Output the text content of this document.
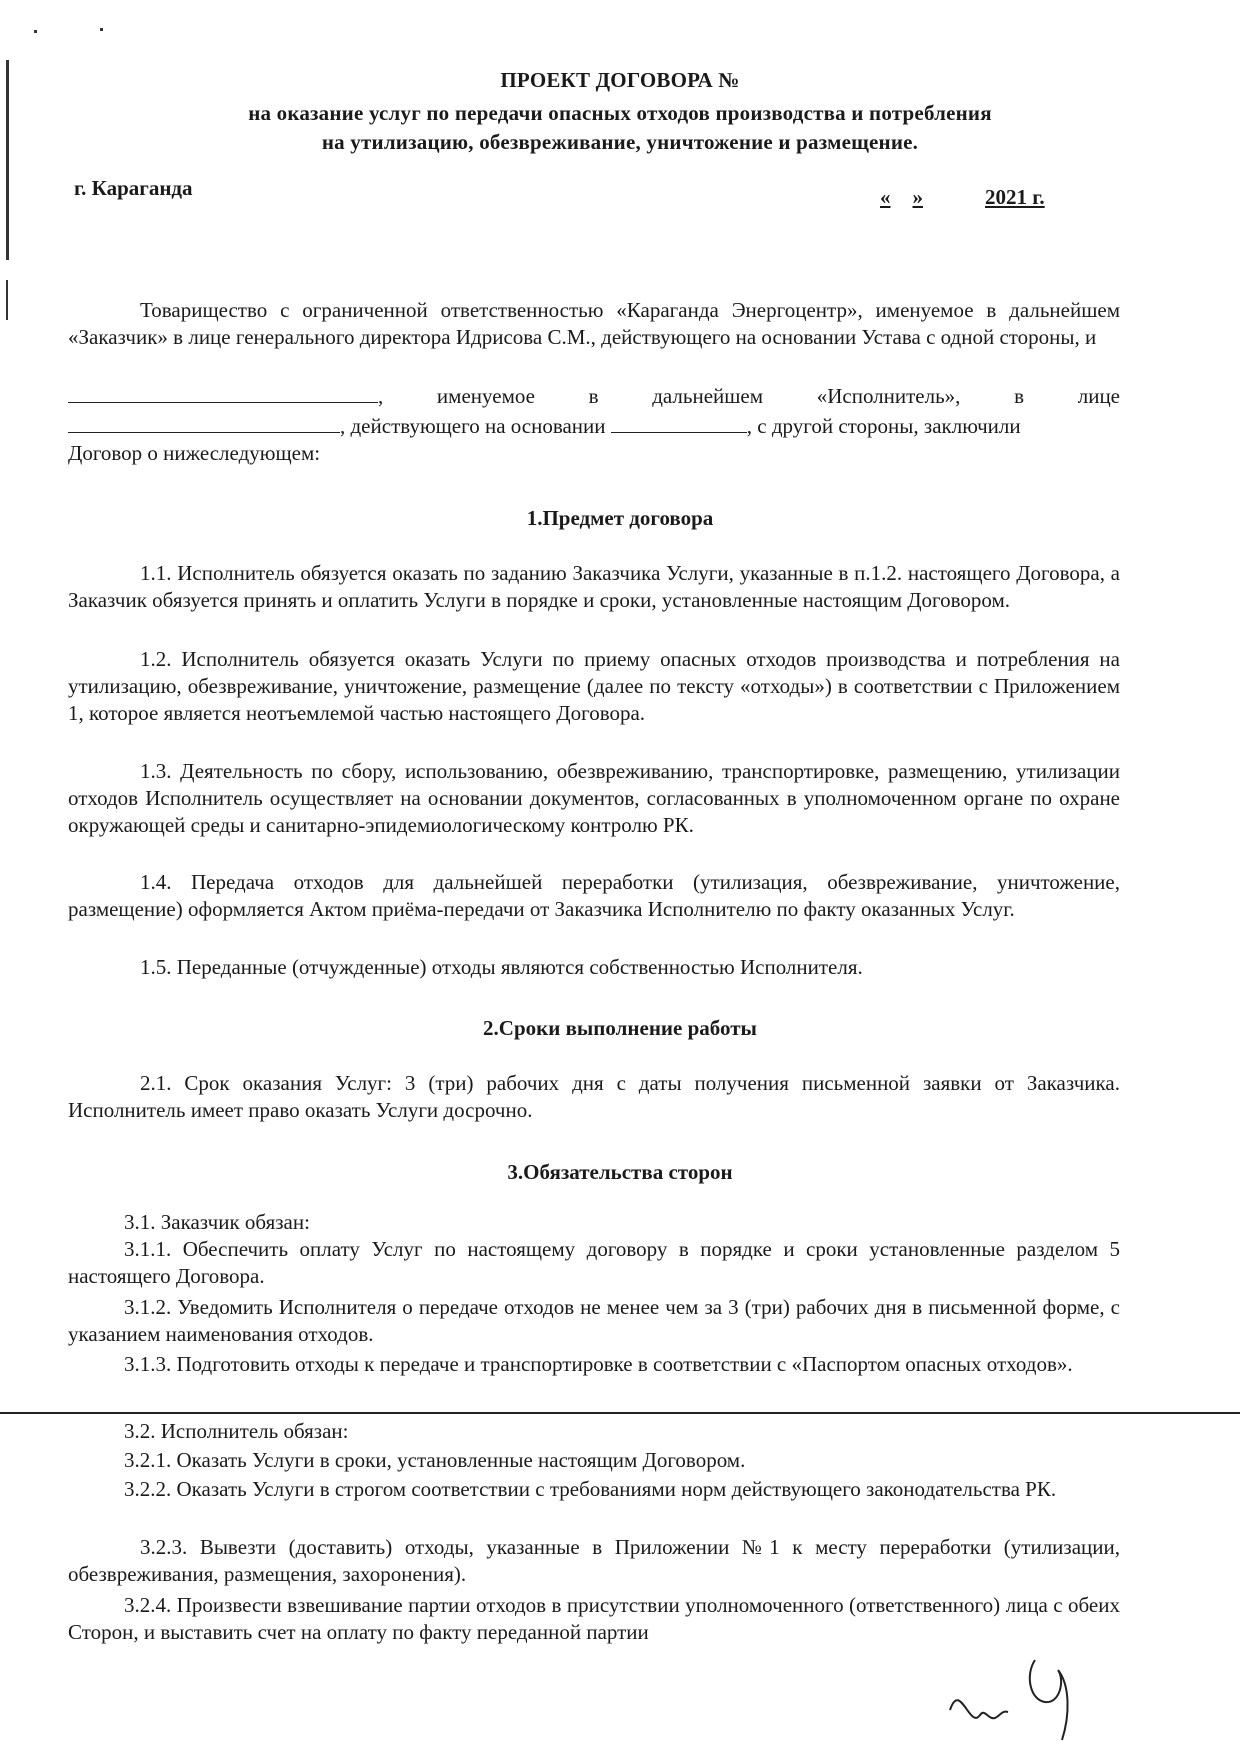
ПРОЕКТ ДОГОВОРА №
на оказание услуг по передачи опасных отходов производства и потребления
на утилизацию, обезвреживание, уничтожение и размещение.
г. Караганда	« »	2021 г.

Товарищество с ограниченной ответственностью «Караганда Энергоцентр», именуемое в дальнейшем «Заказчик» в лице генерального директора Идрисова С.М., действующего на основании Устава с одной стороны, и

, именуемое в дальнейшем «Исполнитель», в лице
, действующего на основании	, с другой стороны, заключили
Договор о нижеследующем:
1.Предмет договора

1.1. Исполнитель обязуется оказать по заданию Заказчика Услуги, указанные в п.1.2. настоящего Договора, а Заказчик обязуется принять и оплатить Услуги в порядке и сроки, установленные настоящим Договором.

1.2. Исполнитель обязуется оказать Услуги по приему опасных отходов производства и потребления на утилизацию, обезвреживание, уничтожение, размещение (далее по тексту «отходы») в соответствии с Приложением 1, которое является неотъемлемой частью настоящего Договора.

1.3. Деятельность по сбору, использованию, обезвреживанию, транспортировке, размещению, утилизации отходов Исполнитель осуществляет на основании документов, согласованных в уполномоченном органе по охране окружающей среды и санитарно-эпидемиологическому контролю РК.

1.4. Передача отходов для дальнейшей переработки (утилизация, обезвреживание, уничтожение, размещение) оформляется Актом приёма-передачи от Заказчика Исполнителю по факту оказанных Услуг.

1.5. Переданные (отчужденные) отходы являются собственностью Исполнителя.

2.Сроки выполнение работы

2.1. Срок оказания Услуг: 3 (три) рабочих дня с даты получения письменной заявки от Заказчика. Исполнитель имеет право оказать Услуги досрочно.

3.Обязательства сторон

3.1. Заказчик обязан:

3.1.1. Обеспечить оплату Услуг по настоящему договору в порядке и сроки установленные разделом 5 настоящего Договора.

3.1.2. Уведомить Исполнителя о передаче отходов не менее чем за 3 (три) рабочих дня в письменной форме, с указанием наименования отходов.

3.1.3. Подготовить отходы к передаче и транспортировке в соответствии с «Паспортом опасных отходов».

3.2. Исполнитель обязан:

3.2.1. Оказать Услуги в сроки, установленные настоящим Договором.

3.2.2. Оказать Услуги в строгом соответствии с требованиями норм действующего законодательства РК.

3.2.3. Вывезти (доставить) отходы, указанные в Приложении №1 к месту переработки (утилизации, обезвреживания, размещения, захоронения).

3.2.4. Произвести взвешивание партии отходов в присутствии уполномоченного (ответственного) лица с обеих Сторон, и выставить счет на оплату по факту переданной партии
